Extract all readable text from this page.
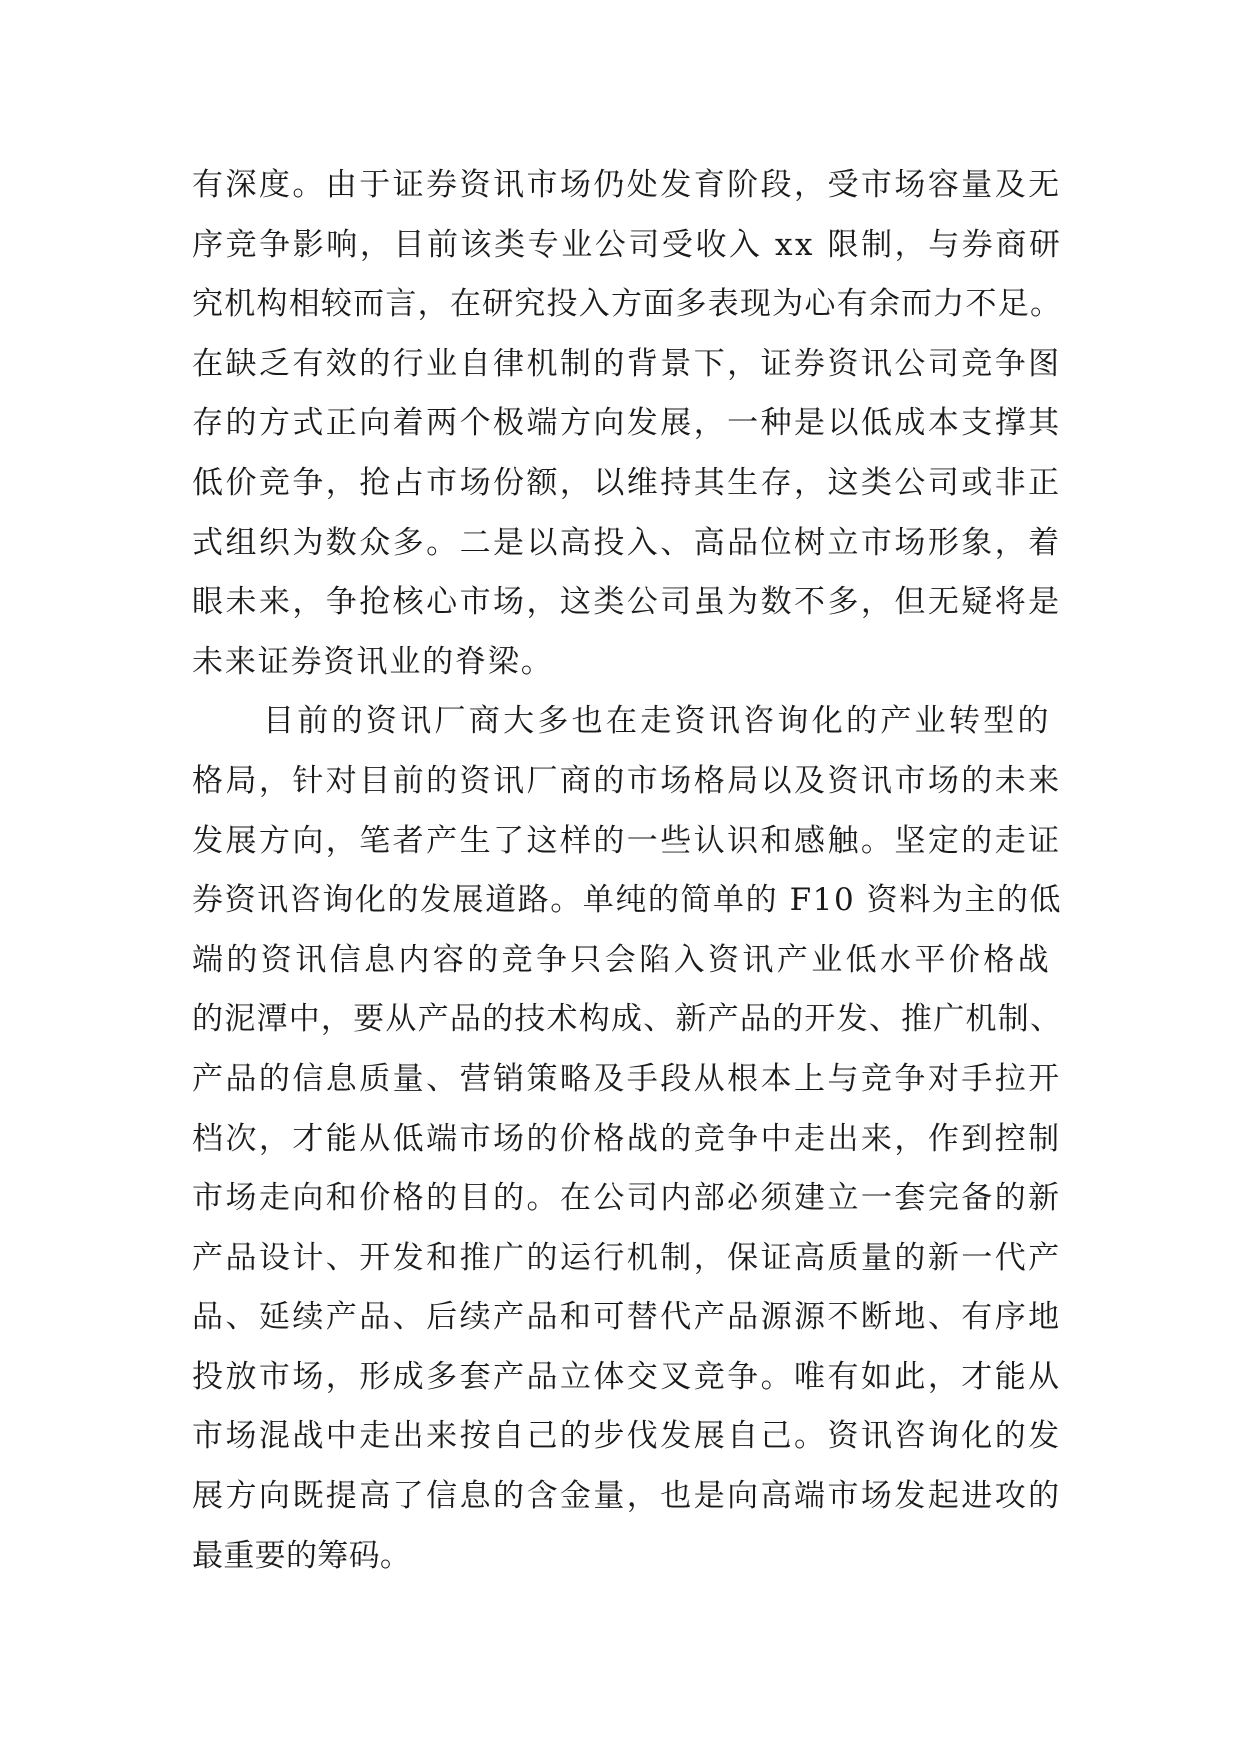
有深度。由于证券资讯市场仍处发育阶段，受市场容量及无
序竞争影响，目前该类专业公司受收入 xx 限制，与券商研
究机构相较而言，在研究投入方面多表现为心有余而力不足。
在缺乏有效的行业自律机制的背景下，证券资讯公司竞争图
存的方式正向着两个极端方向发展，一种是以低成本支撑其
低价竞争，抢占市场份额，以维持其生存，这类公司或非正
式组织为数众多。二是以高投入、高品位树立市场形象，着
眼未来，争抢核心市场，这类公司虽为数不多，但无疑将是
未来证券资讯业的脊梁。
目前的资讯厂商大多也在走资讯咨询化的产业转型的
格局，针对目前的资讯厂商的市场格局以及资讯市场的未来
发展方向，笔者产生了这样的一些认识和感触。坚定的走证
券资讯咨询化的发展道路。单纯的简单的 F10 资料为主的低
端的资讯信息内容的竞争只会陷入资讯产业低水平价格战
的泥潭中，要从产品的技术构成、新产品的开发、推广机制、
产品的信息质量、营销策略及手段从根本上与竞争对手拉开
档次，才能从低端市场的价格战的竞争中走出来，作到控制
市场走向和价格的目的。在公司内部必须建立一套完备的新
产品设计、开发和推广的运行机制，保证高质量的新一代产
品、延续产品、后续产品和可替代产品源源不断地、有序地
投放市场，形成多套产品立体交叉竞争。唯有如此，才能从
市场混战中走出来按自己的步伐发展自己。资讯咨询化的发
展方向既提高了信息的含金量，也是向高端市场发起进攻的
最重要的筹码。
